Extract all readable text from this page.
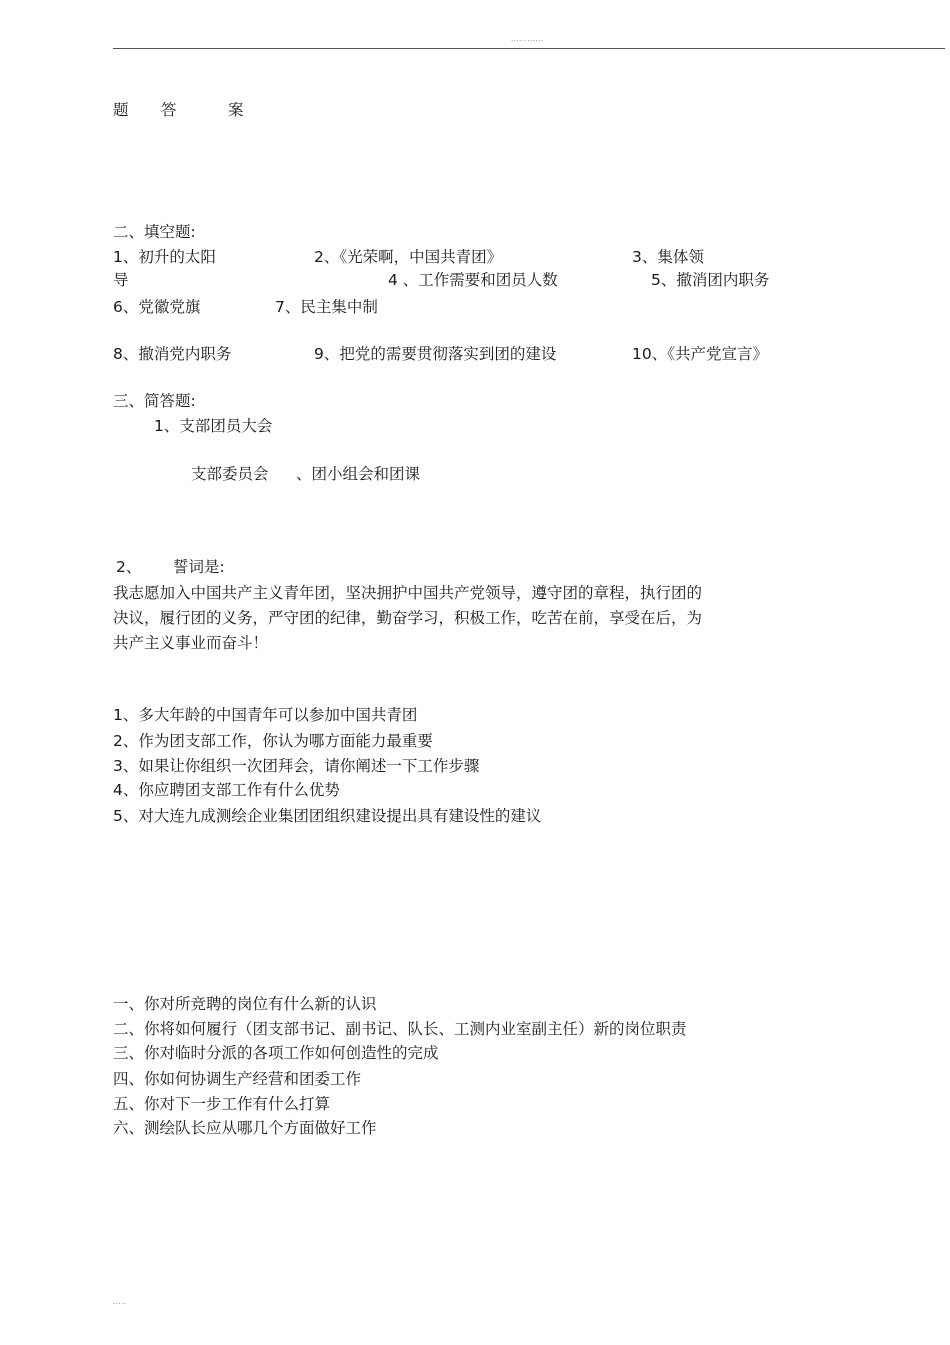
............
题 答	案
二、填空题:
1、初升的太阳	2、《光荣啊，中国共青团》	3、集体领
导	4 、工作需要和团员人数	5、撤消团内职务
6、党徽党旗	7、民主集中制
8、撤消党内职务	9、把党的需要贯彻落实到团的建设	10、《共产党宣言》
三、简答题:
1、支部团员大会
支部委员会 、团小组会和团课
2、 誓词是:
我志愿加入中国共产主义青年团，坚决拥护中国共产党领导，遵守团的章程，执行团的
决议，履行团的义务，严守团的纪律，勤奋学习，积极工作，吃苦在前，享受在后，为
共产主义事业而奋斗！
1、多大年龄的中国青年可以参加中国共青团
2、作为团支部工作，你认为哪方面能力最重要
3、如果让你组织一次团拜会，请你阐述一下工作步骤
4、你应聘团支部工作有什么优势
5、对大连九成测绘企业集团团组织建设提出具有建设性的建议
一、你对所竞聘的岗位有什么新的认识
二、你将如何履行（团支部书记、副书记、队长、工测内业室副主任）新的岗位职责
三、你对临时分派的各项工作如何创造性的完成
四、你如何协调生产经营和团委工作
五、你对下一步工作有什么打算
六、测绘队长应从哪几个方面做好工作
.....
